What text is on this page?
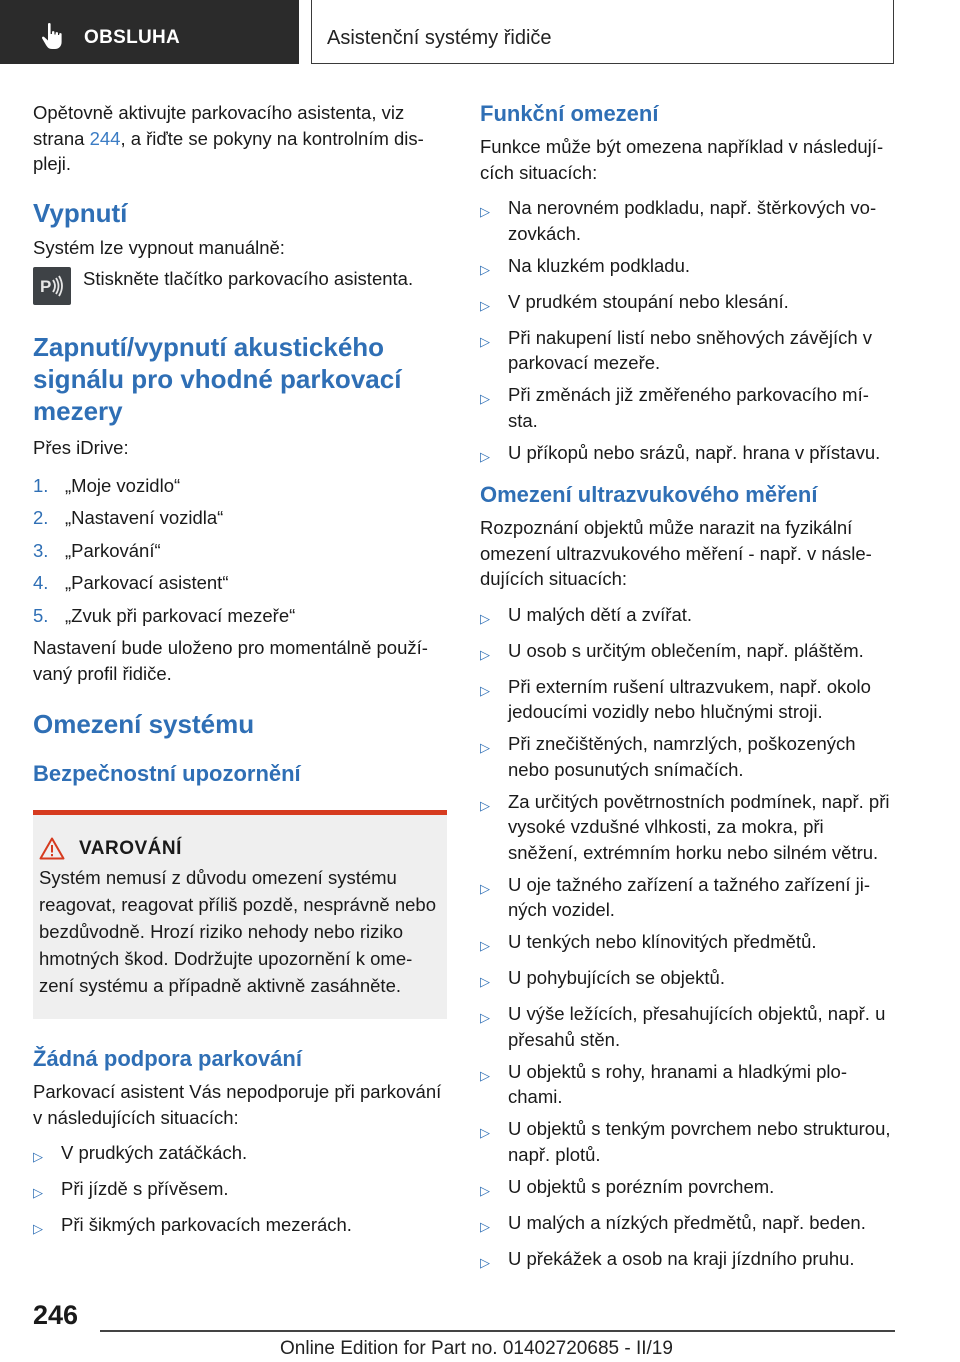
OBSLUHA	Asistenční systémy řidiče

Opětovně aktivujte parkovacího asistenta, viz strana 244, a řiďte se pokyny na kontrolním displeji.

Vypnutí

Systém lze vypnout manuálně:

P Stiskněte tlačítko parkovacího asistenta.

Zapnutí/vypnutí akustického signálu pro vhodné parkovací mezery

Přes iDrive:

1. „Moje vozidlo“
2. „Nastavení vozidla“
3. „Parkování“
4. „Parkovací asistent“
5. „Zvuk při parkovací mezeře“

Nastavení bude uloženo pro momentálně používaný profil řidiče.

Omezení systému
Bezpečnostní upozornění
VAROVÁNÍ

Systém nemusí z důvodu omezení systému reagovat, reagovat příliš pozdě, nesprávně nebo bezdůvodně. Hrozí riziko nehody nebo riziko hmotných škod. Dodržujte upozornění k omezení systému a případně aktivně zasáhněte.

Žádná podpora parkování

Parkovací asistent Vás nepodporuje při parkování v následujících situacích:

▷ V prudkých zatáčkách.
▷ Při jízdě s přívěsem.
▷ Při šikmých parkovacích mezerách.
Funkční omezení

Funkce může být omezena například v následujících situacích:

▷ Na nerovném podkladu, např. štěrkových vozovkách.
▷ Na kluzkém podkladu.
▷ V prudkém stoupání nebo klesání.
▷ Při nakupení listí nebo sněhových závějích v parkovací mezeře.
▷ Při změnách již změřeného parkovacího místa.
▷ U příkopů nebo srázů, např. hrana v přístavu.
Omezení ultrazvukového měření

Rozpoznání objektů může narazit na fyzikální omezení ultrazvukového měření - např. v následujících situacích:

▷ U malých dětí a zvířat.
▷ U osob s určitým oblečením, např. pláštěm.
▷ Při externím rušení ultrazvukem, např. okolo jedoucími vozidly nebo hlučnými stroji.
▷ Při znečištěných, namrzlých, poškozených nebo posunutých snímačích.
▷ Za určitých povětrnostních podmínek, např. při vysoké vzdušné vlhkosti, za mokra, při sněžení, extrémním horku nebo silném větru.
▷ U oje tažného zařízení a tažného zařízení jiných vozidel.
▷ U tenkých nebo klínovitých předmětů.
▷ U pohybujících se objektů.
▷ U výše ležících, přesahujících objektů, např. u přesahů stěn.
▷ U objektů s rohy, hranami a hladkými plochami.
▷ U objektů s tenkým povrchem nebo strukturou, např. plotů.
▷ U objektů s porézním povrchem.
▷ U malých a nízkých předmětů, např. beden.
▷ U překážek a osob na kraji jízdního pruhu.
246
Online Edition for Part no. 01402720685 - II/19
